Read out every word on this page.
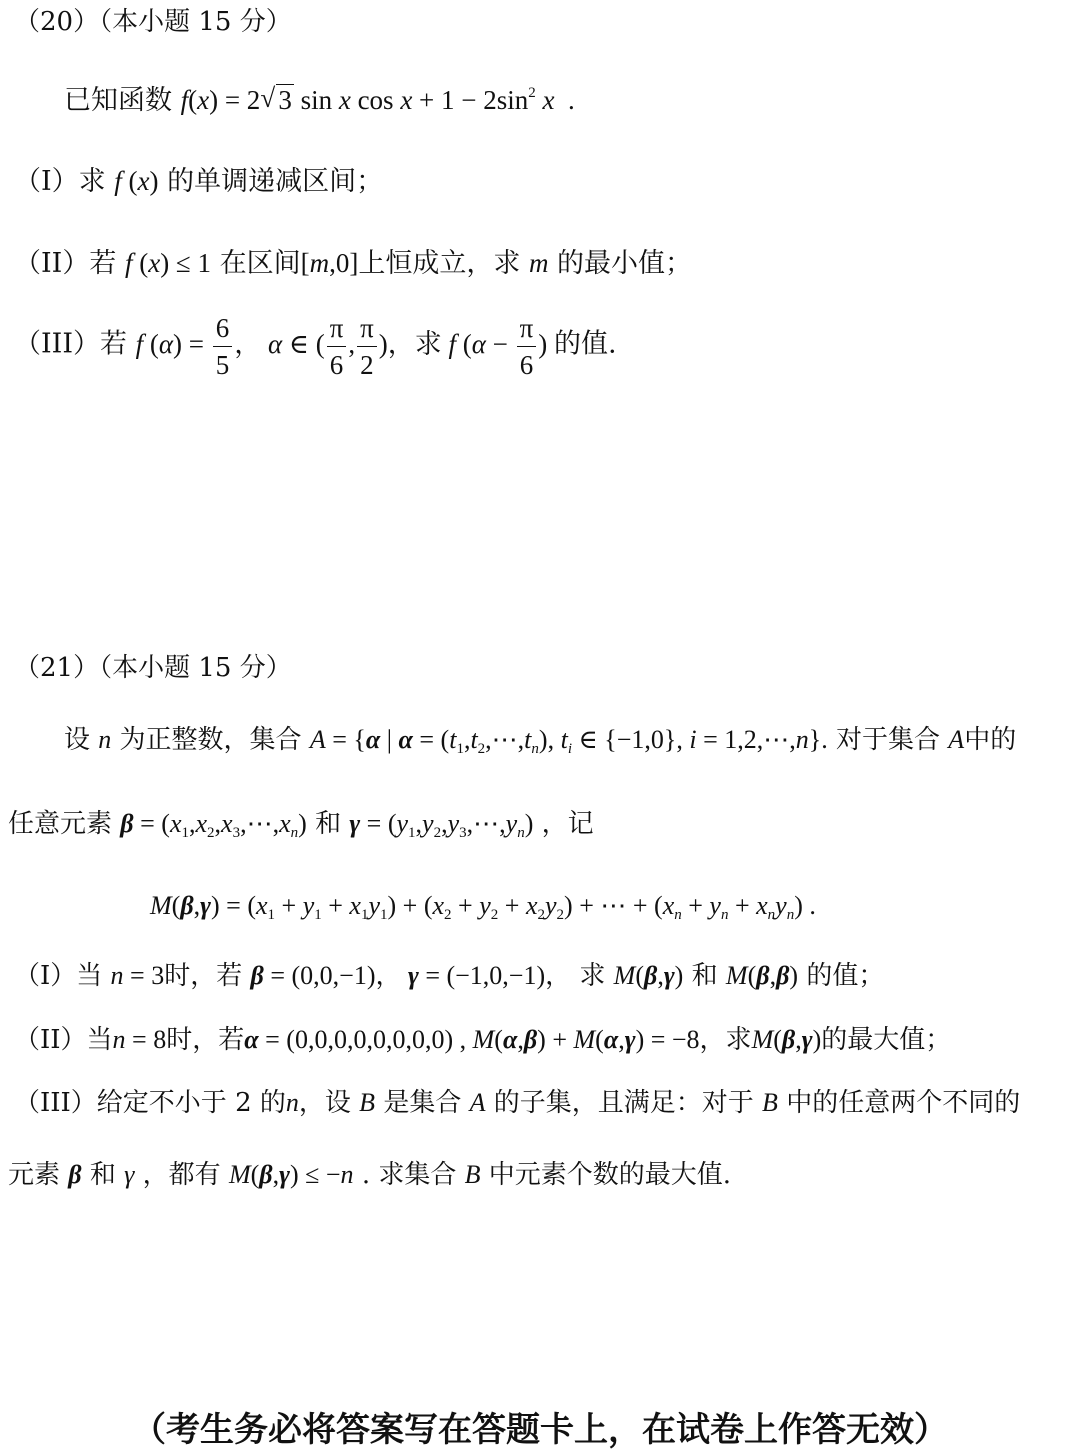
（20）（本小题 15 分）
已知函数 f(x) = 2√ 3 sin x $\cos x + 1 - 2\sin^2$ x  .
（I）求 f (x) 的单调递减区间；
（II）若 f (x) ≤ 1 在区间[m,0]上恒成立，求 m 的最小值；
（III）若 f $(\alpha) = \frac{6}{5}$ ， α ∈ ( $\frac{\pi}{6}$ , $\frac{\pi}{2}$ )，求 f ($\alpha - \frac{\pi}{6}$ ) 的值.
（21）（本小题 15 分）
设 n 为正整数，集合 A = {α | $\alpha = (t_1,t_2,\cdots,t_n)$, $t_i$ ∈ {−1,0}, i = 1,2,⋯,n}. 对于集合 A中的
任意元素 $\beta = (x_1,x_2,x_3,\cdots,x_n)$ 和 $\gamma = (y_1,y_2,y_3,\cdots,y_n)$ ，记
$M(\beta,\gamma) = (x_1 + y_1 + x_1y_1) + (x_2 + y_2 + x_2y_2)$ + ⋯ + $(x_n + y_n + x_ny_n)$ .
（I）当 n = 3时，若 β = (0,0,−1)， γ = (−1,0,−1)， 求 M(β,γ) 和 M(β,β) 的值；
（II）当n = 8时，若α = (0,0,0,0,0,0,0,0) , M(α,β) + M(α,γ) = −8，求M(β,γ)的最大值；
（III）给定不小于 2 的n，设 B 是集合 A 的子集，且满足：对于 B 中的任意两个不同的
元素 β 和 γ ，都有 M(β,γ) ≤ −n . 求集合 B 中元素个数的最大值.
（考生务必将答案写在答题卡上，在试卷上作答无效）
